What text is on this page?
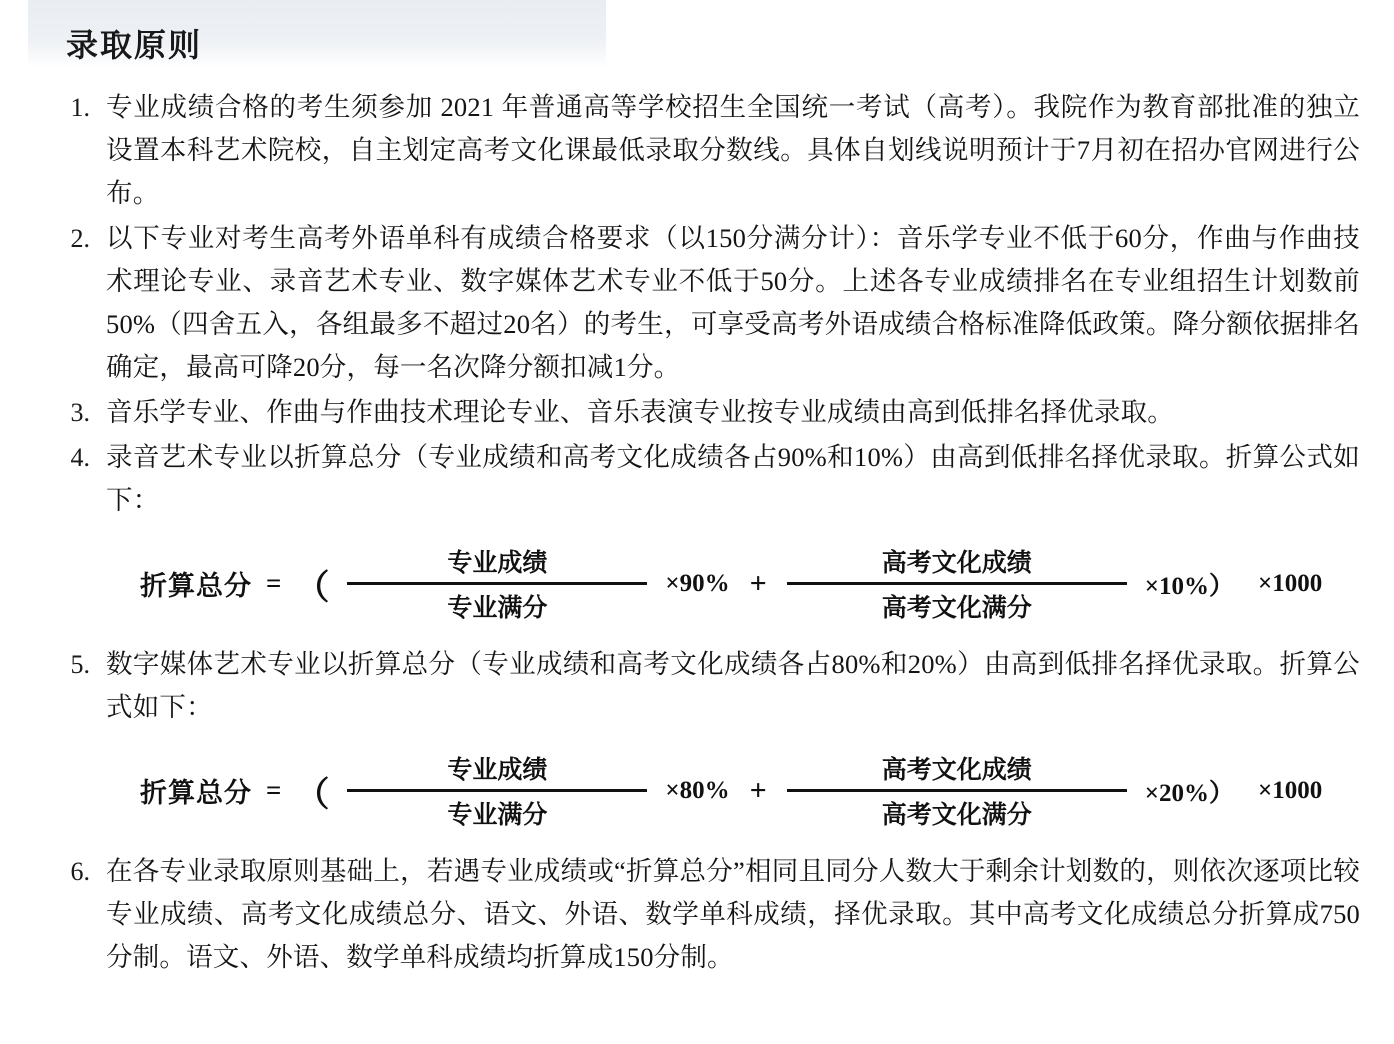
录取原则
1. 专业成绩合格的考生须参加 2021 年普通高等学校招生全国统一考试（高考）。我院作为教育部批准的独立设置本科艺术院校，自主划定高考文化课最低录取分数线。具体自划线说明预计于7月初在招办官网进行公布。
2. 以下专业对考生高考外语单科有成绩合格要求（以150分满分计）：音乐学专业不低于60分，作曲与作曲技术理论专业、录音艺术专业、数字媒体艺术专业不低于50分。上述各专业成绩排名在专业组招生计划数前50%（四舍五入，各组最多不超过20名）的考生，可享受高考外语成绩合格标准降低政策。降分额依据排名确定，最高可降20分，每一名次降分额扣减1分。
3. 音乐学专业、作曲与作曲技术理论专业、音乐表演专业按专业成绩由高到低排名择优录取。
4. 录音艺术专业以折算总分（专业成绩和高考文化成绩各占90%和10%）由高到低排名择优录取。折算公式如下：
折算总分 = （ $\frac{\text{专业成绩}}{\text{专业满分}} \times 90\% + \frac{\text{高考文化成绩}}{\text{高考文化满分}} \times 10\%) \times 1000$
5. 数字媒体艺术专业以折算总分（专业成绩和高考文化成绩各占80%和20%）由高到低排名择优录取。折算公式如下：
折算总分 = （ $\frac{\text{专业成绩}}{\text{专业满分}} \times 80\% + \frac{\text{高考文化成绩}}{\text{高考文化满分}} \times 20\%) \times 1000$
6. 在各专业录取原则基础上，若遇专业成绩或“折算总分”相同且同分人数大于剩余计划数的，则依次逐项比较专业成绩、高考文化成绩总分、语文、外语、数学单科成绩，择优录取。其中高考文化成绩总分折算成750分制。语文、外语、数学单科成绩均折算成150分制。
